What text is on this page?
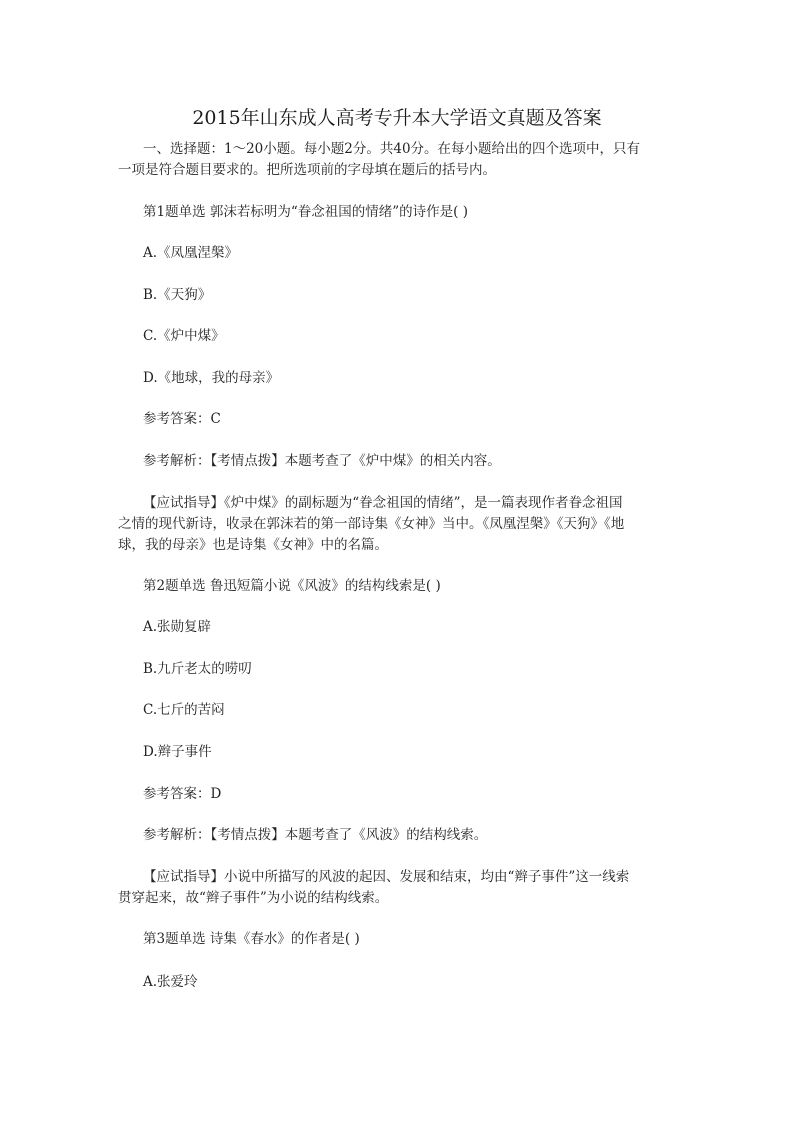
2015年山东成人高考专升本大学语文真题及答案
一、选择题：1～20小题。每小题2分。共40分。在每小题给出的四个选项中，只有
一项是符合题目要求的。把所选项前的字母填在题后的括号内。
第1题单选 郭沫若标明为“眷念祖国的情绪”的诗作是( )
A.《凤凰涅槃》
B.《天狗》
C.《炉中煤》
D.《地球，我的母亲》
参考答案：C
参考解析：【考情点拨】本题考查了《炉中煤》的相关内容。
【应试指导】《炉中煤》的副标题为“眷念祖国的情绪”，是一篇表现作者眷念祖国
之情的现代新诗，收录在郭沫若的第一部诗集《女神》当中。《凤凰涅槃》《天狗》《地
球，我的母亲》也是诗集《女神》中的名篇。
第2题单选 鲁迅短篇小说《风波》的结构线索是( )
A.张勋复辟
B.九斤老太的唠叨
C.七斤的苦闷
D.辫子事件
参考答案：D
参考解析：【考情点拨】本题考查了《风波》的结构线索。
【应试指导】小说中所描写的风波的起因、发展和结束，均由“辫子事件”这一线索
贯穿起来，故“辫子事件”为小说的结构线索。
第3题单选 诗集《春水》的作者是( )
A.张爱玲
